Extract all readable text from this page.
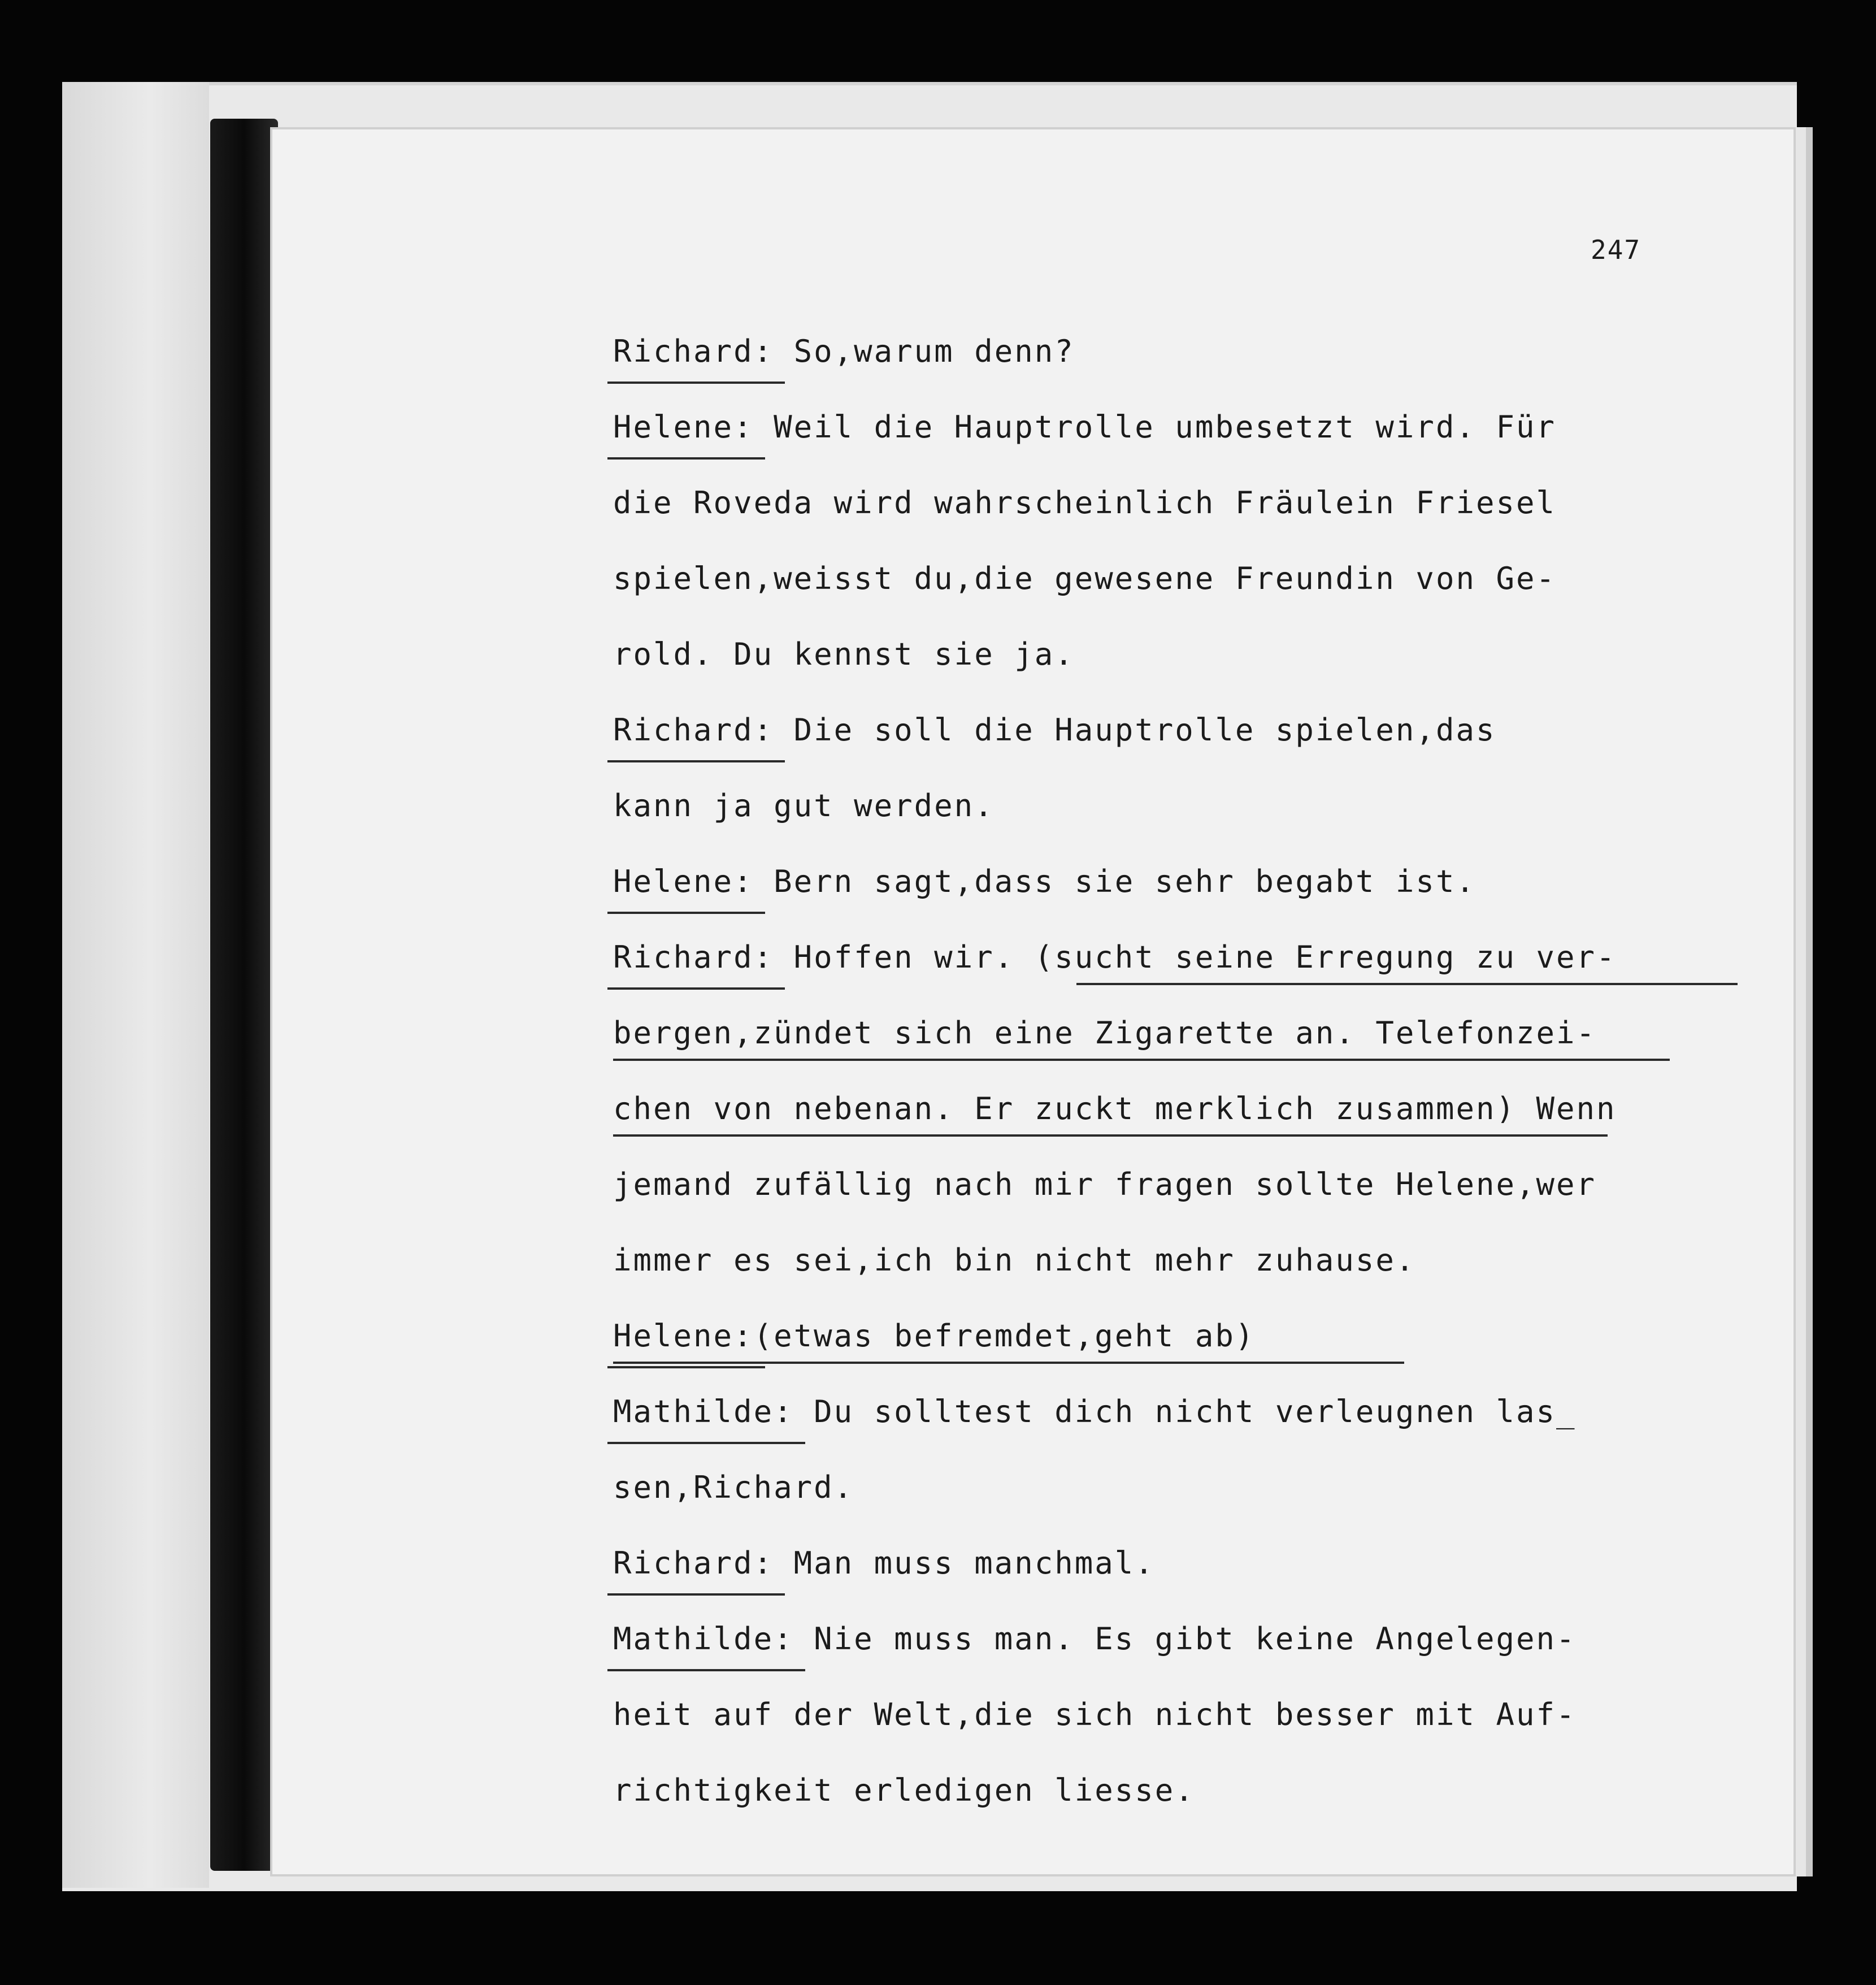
247
Richard: So,warum denn?
Helene: Weil die Hauptrolle umbesetzt wird. Für
die Roveda wird wahrscheinlich Fräulein Friesel
spielen,weisst du,die gewesene Freundin von Ge-
rold. Du kennst sie ja.
Richard: Die soll die Hauptrolle spielen,das
kann ja gut werden.
Helene: Bern sagt,dass sie sehr begabt ist.
Richard: Hoffen wir. (sucht seine Erregung zu ver-
bergen,zündet sich eine Zigarette an. Telefonzei-
chen von nebenan. Er zuckt merklich zusammen) Wenn
jemand zufällig nach mir fragen sollte Helene,wer
immer es sei,ich bin nicht mehr zuhause.
Helene:(etwas befremdet,geht ab)
Mathilde: Du solltest dich nicht verleugnen las_
sen,Richard.
Richard: Man muss manchmal.
Mathilde: Nie muss man. Es gibt keine Angelegen-
heit auf der Welt,die sich nicht besser mit Auf-
richtigkeit erledigen liesse.
